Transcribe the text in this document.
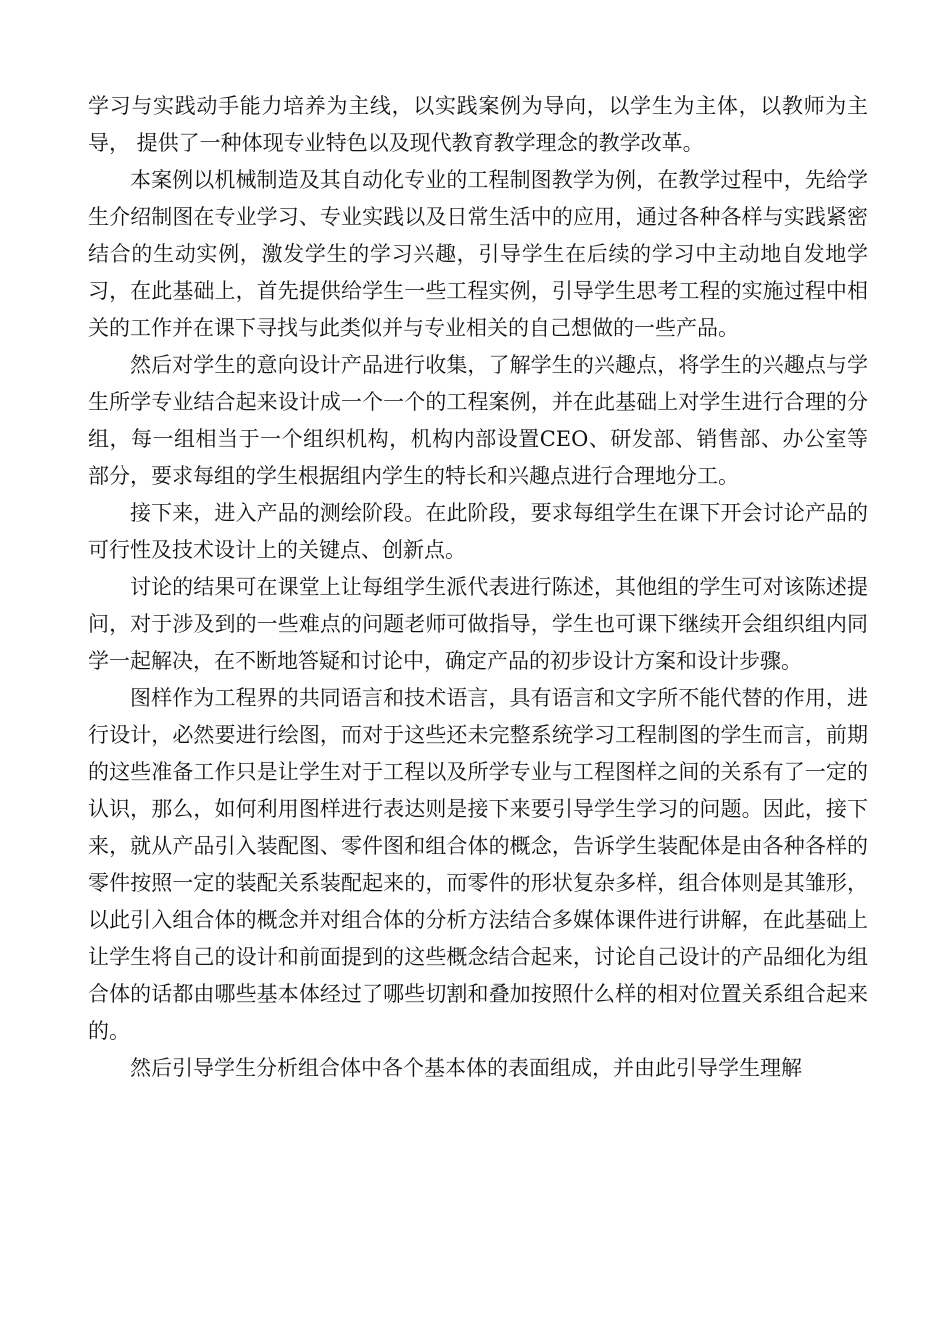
学习与实践动手能力培养为主线，以实践案例为导向，以学生为主体，以教师为主导， 提供了一种体现专业特色以及现代教育教学理念的教学改革。

本案例以机械制造及其自动化专业的工程制图教学为例，在教学过程中，先给学生介绍制图在专业学习、专业实践以及日常生活中的应用，通过各种各样与实践紧密结合的生动实例，激发学生的学习兴趣，引导学生在后续的学习中主动地自发地学习，在此基础上，首先提供给学生一些工程实例，引导学生思考工程的实施过程中相关的工作并在课下寻找与此类似并与专业相关的自己想做的一些产品。

然后对学生的意向设计产品进行收集，了解学生的兴趣点，将学生的兴趣点与学生所学专业结合起来设计成一个一个的工程案例，并在此基础上对学生进行合理的分组，每一组相当于一个组织机构，机构内部设置CEO、研发部、销售部、办公室等部分，要求每组的学生根据组内学生的特长和兴趣点进行合理地分工。

接下来，进入产品的测绘阶段。在此阶段，要求每组学生在课下开会讨论产品的可行性及技术设计上的关键点、创新点。

讨论的结果可在课堂上让每组学生派代表进行陈述，其他组的学生可对该陈述提问，对于涉及到的一些难点的问题老师可做指导，学生也可课下继续开会组织组内同学一起解决，在不断地答疑和讨论中，确定产品的初步设计方案和设计步骤。

图样作为工程界的共同语言和技术语言，具有语言和文字所不能代替的作用，进行设计，必然要进行绘图，而对于这些还未完整系统学习工程制图的学生而言，前期的这些准备工作只是让学生对于工程以及所学专业与工程图样之间的关系有了一定的认识，那么，如何利用图样进行表达则是接下来要引导学生学习的问题。因此，接下来，就从产品引入装配图、零件图和组合体的概念，告诉学生装配体是由各种各样的零件按照一定的装配关系装配起来的，而零件的形状复杂多样，组合体则是其雏形，以此引入组合体的概念并对组合体的分析方法结合多媒体课件进行讲解，在此基础上让学生将自己的设计和前面提到的这些概念结合起来，讨论自己设计的产品细化为组合体的话都由哪些基本体经过了哪些切割和叠加按照什么样的相对位置关系组合起来的。

然后引导学生分析组合体中各个基本体的表面组成，并由此引导学生理解
